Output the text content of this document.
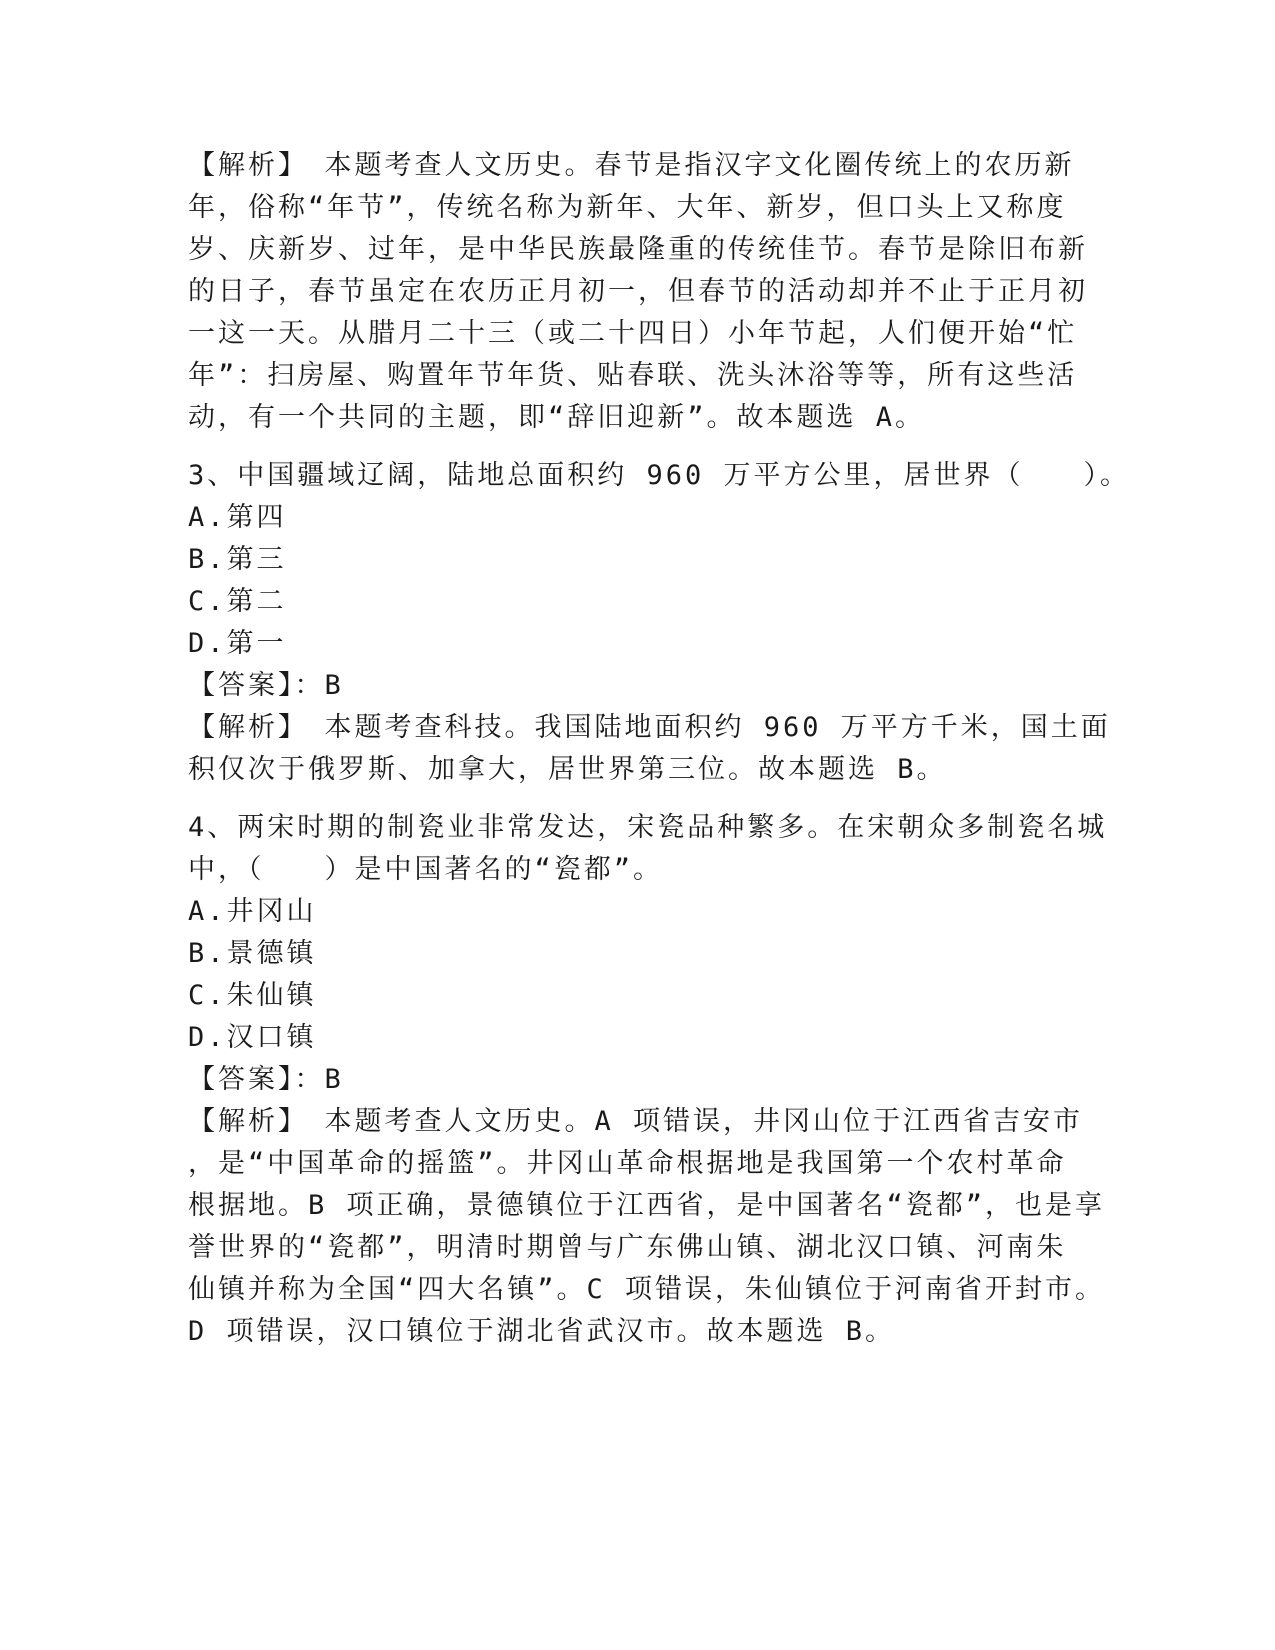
【解析】　本题考查人文历史。春节是指汉字文化圈传统上的农历新
年，俗称“年节”，传统名称为新年、大年、新岁，但口头上又称度
岁、庆新岁、过年，是中华民族最隆重的传统佳节。春节是除旧布新
的日子，春节虽定在农历正月初一，但春节的活动却并不止于正月初
一这一天。从腊月二十三（或二十四日）小年节起，人们便开始“忙
年”：扫房屋、购置年节年货、贴春联、洗头沐浴等等，所有这些活
动，有一个共同的主题，即“辞旧迎新”。故本题选 A。
3、中国疆域辽阔，陆地总面积约 960 万平方公里，居世界（　　）。
A.第四
B.第三
C.第二
D.第一
【答案】：B
【解析】　本题考查科技。我国陆地面积约 960 万平方千米，国土面
积仅次于俄罗斯、加拿大，居世界第三位。故本题选 B。
4、两宋时期的制瓷业非常发达，宋瓷品种繁多。在宋朝众多制瓷名城
中，（　　）是中国著名的“瓷都”。
A.井冈山
B.景德镇
C.朱仙镇
D.汉口镇
【答案】：B
【解析】　本题考查人文历史。A 项错误，井冈山位于江西省吉安市
，是“中国革命的摇篮”。井冈山革命根据地是我国第一个农村革命
根据地。B 项正确，景德镇位于江西省，是中国著名“瓷都”，也是享
誉世界的“瓷都”，明清时期曾与广东佛山镇、湖北汉口镇、河南朱
仙镇并称为全国“四大名镇”。C 项错误，朱仙镇位于河南省开封市。
D 项错误，汉口镇位于湖北省武汉市。故本题选 B。
